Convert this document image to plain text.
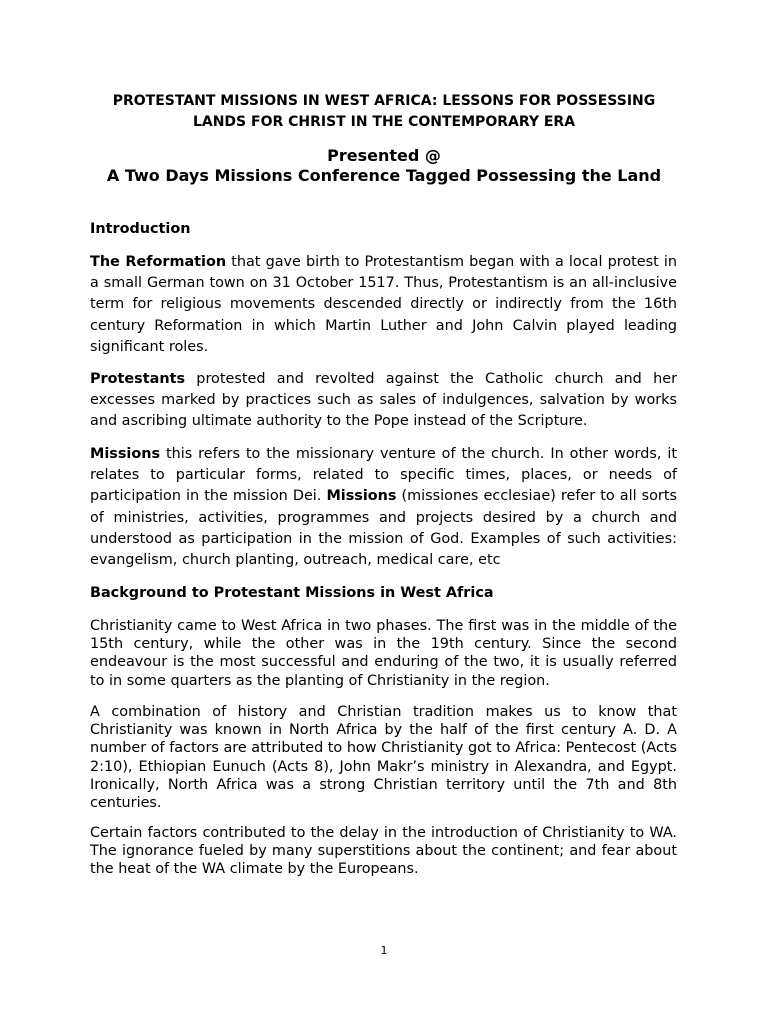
PROTESTANT MISSIONS IN WEST AFRICA: LESSONS FOR POSSESSING
LANDS FOR CHRIST IN THE CONTEMPORARY ERA
Presented @
A Two Days Missions Conference Tagged Possessing the Land
Introduction

The Reformation that gave birth to Protestantism began with a local protest in a small German town on 31 October 1517. Thus, Protestantism is an all-inclusive term for religious movements descended directly or indirectly from the 16th century Reformation in which Martin Luther and John Calvin played leading significant roles.

Protestants protested and revolted against the Catholic church and her excesses marked by practices such as sales of indulgences, salvation by works and ascribing ultimate authority to the Pope instead of the Scripture.

Missions this refers to the missionary venture of the church. In other words, it relates to particular forms, related to specific times, places, or needs of participation in the mission Dei. Missions (missiones ecclesiae) refer to all sorts of ministries, activities, programmes and projects desired by a church and understood as participation in the mission of God. Examples of such activities: evangelism, church planting, outreach, medical care, etc

Background to Protestant Missions in West Africa

Christianity came to West Africa in two phases. The first was in the middle of the 15th century, while the other was in the 19th century. Since the second endeavour is the most successful and enduring of the two, it is usually referred to in some quarters as the planting of Christianity in the region.

A combination of history and Christian tradition makes us to know that Christianity was known in North Africa by the half of the first century A. D. A number of factors are attributed to how Christianity got to Africa: Pentecost (Acts 2:10), Ethiopian Eunuch (Acts 8), John Makr’s ministry in Alexandra, and Egypt. Ironically, North Africa was a strong Christian territory until the 7th and 8th centuries.

Certain factors contributed to the delay in the introduction of Christianity to WA. The ignorance fueled by many superstitions about the continent; and fear about the heat of the WA climate by the Europeans.

1
